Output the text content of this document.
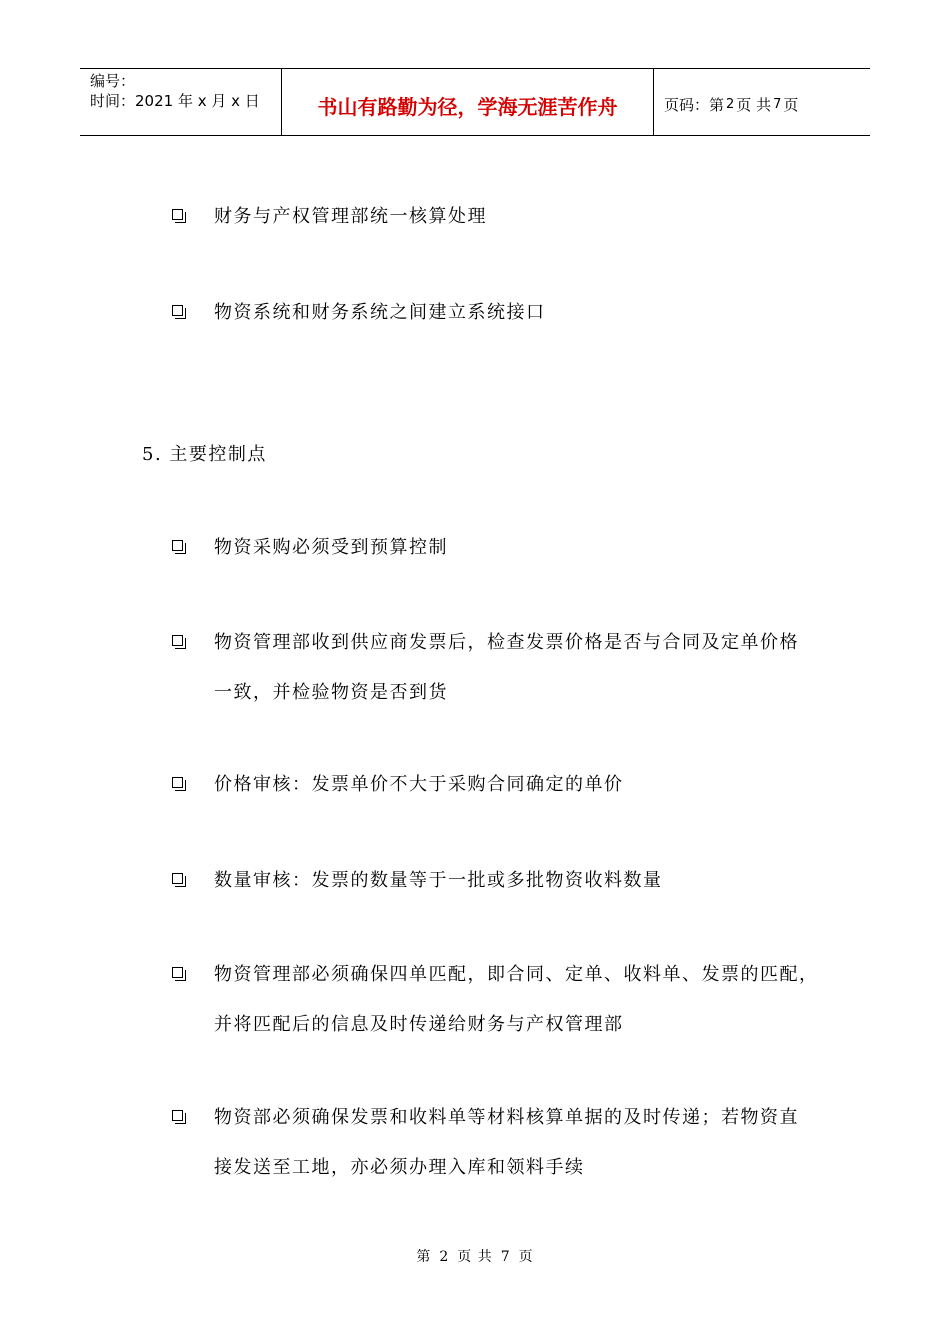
编号：
时间：2021 年 x 月 x 日	书山有路勤为径，学海无涯苦作舟	页码：第 2 页 共 7 页
财务与产权管理部统一核算处理
物资系统和财务系统之间建立系统接口
5. 主要控制点
物资采购必须受到预算控制
物资管理部收到供应商发票后，检查发票价格是否与合同及定单价格
一致，并检验物资是否到货
价格审核：发票单价不大于采购合同确定的单价
数量审核：发票的数量等于一批或多批物资收料数量
物资管理部必须确保四单匹配，即合同、定单、收料单、发票的匹配，
并将匹配后的信息及时传递给财务与产权管理部
物资部必须确保发票和收料单等材料核算单据的及时传递；若物资直
接发送至工地，亦必须办理入库和领料手续
第 2 页 共 7 页
